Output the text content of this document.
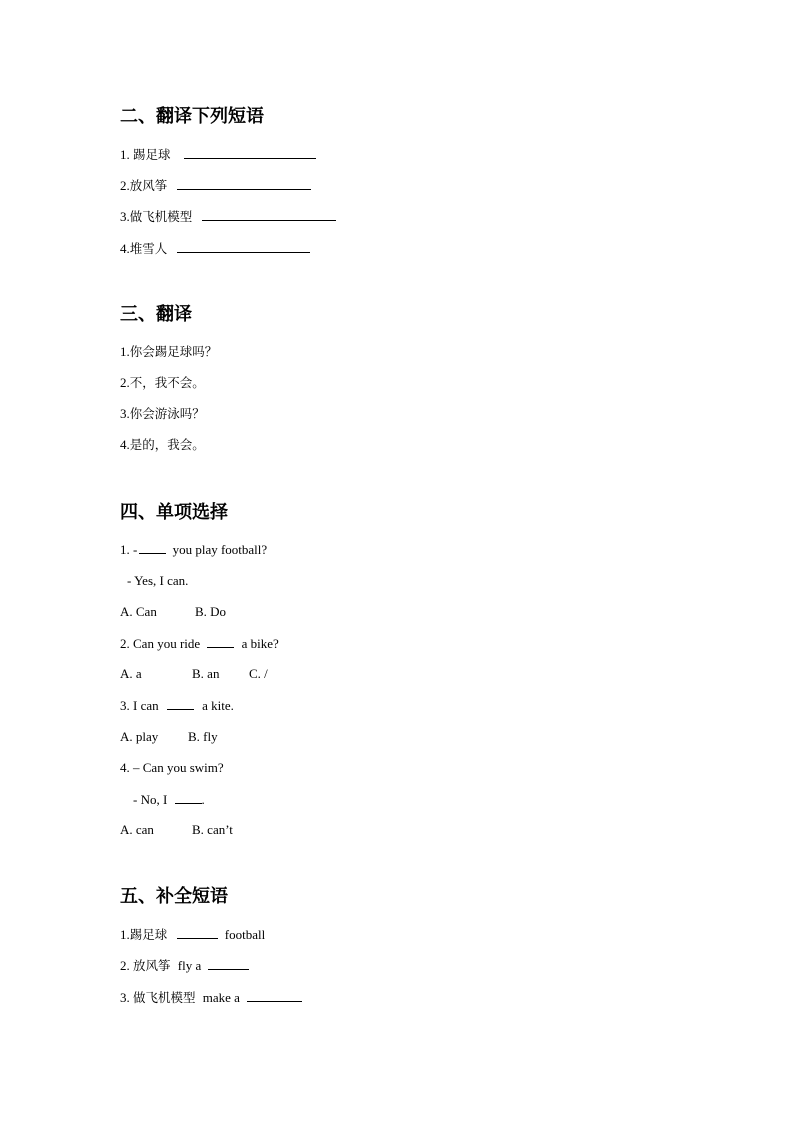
二、翻译下列短语
1. 踢足球
2.放风筝
3.做飞机模型
4.堆雪人
三、翻译
1.你会踢足球吗？
2.不，我不会。
3.你会游泳吗？
4.是的，我会。
四、单项选择
1. - you play football?
- Yes, I can.
A. Can	B. Do
2. Can you ride	a bike?
A. a	B. an C. /
3. I can	a kite.
A. play B. fly
4. – Can you swim?
- No, I .
A. can	B. can’t
五、补全短语
1.踢足球	football
2. 放风筝 fly a
3. 做飞机模型 make a
